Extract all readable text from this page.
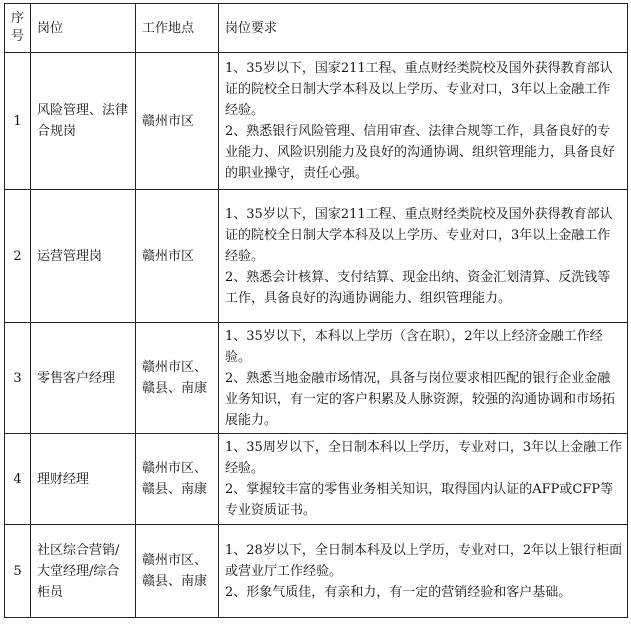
序号	岗位	工作地点	岗位要求
1	风险管理、法律合规岗	赣州市区	1、35岁以下，国家211工程、重点财经类院校及国外获得教育部认证的院校全日制大学本科及以上学历、专业对口，3年以上金融工作经验。
2、熟悉银行风险管理、信用审查、法律合规等工作，具备良好的专业能力、风险识别能力及良好的沟通协调、组织管理能力，具备良好的职业操守，责任心强。

2	运营管理岗	赣州市区	1、35岁以下，国家211工程、重点财经类院校及国外获得教育部认证的院校全日制大学本科及以上学历、专业对口，3年以上金融工作经验。
2、熟悉会计核算、支付结算、现金出纳、资金汇划清算、反洗钱等工作，具备良好的沟通协调能力、组织管理能力。

3	零售客户经理	赣州市区、赣县、南康	1、35岁以下，本科以上学历（含在职），2年以上经济金融工作经验。
2、熟悉当地金融市场情况，具备与岗位要求相匹配的银行企业金融业务知识，有一定的客户积累及人脉资源，较强的沟通协调和市场拓展能力。

4	理财经理	赣州市区、赣县、南康	1、35周岁以下，全日制本科以上学历，专业对口，3年以上金融工作经验。
2、掌握较丰富的零售业务相关知识，取得国内认证的AFP或CFP等专业资质证书。

5	社区综合营销/大堂经理/综合柜员	赣州市区、赣县、南康	1、28岁以下，全日制本科及以上学历，专业对口，2年以上银行柜面或营业厅工作经验。
2、形象气质佳，有亲和力，有一定的营销经验和客户基础。
